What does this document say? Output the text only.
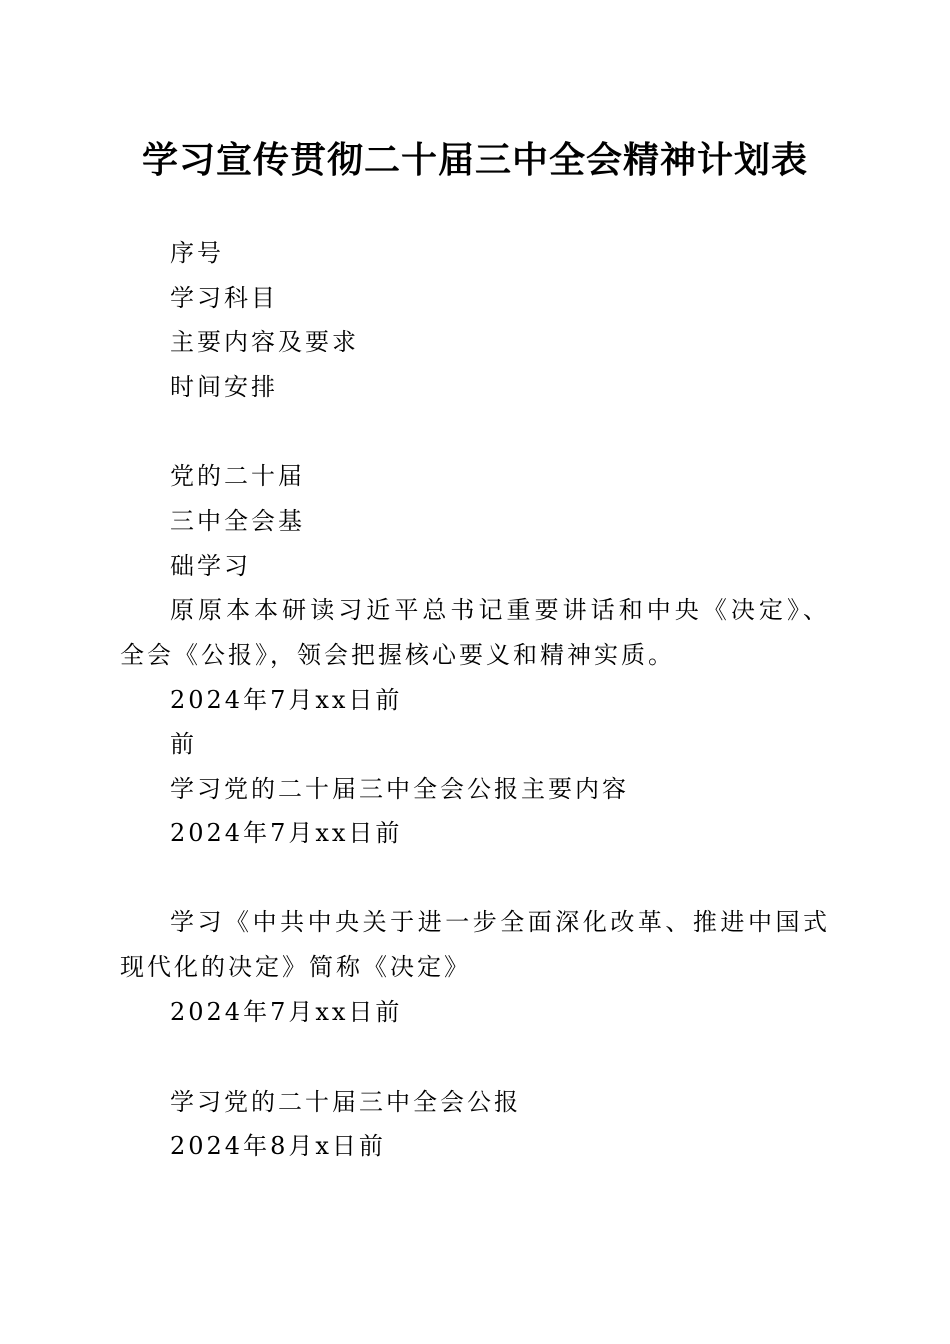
学习宣传贯彻二十届三中全会精神计划表
序号
学习科目
主要内容及要求
时间安排
党的二十届
三中全会基
础学习
原原本本研读习近平总书记重要讲话和中央《决定》、全会《公报》，领会把握核心要义和精神实质。
2024年7月xx日前
前
学习党的二十届三中全会公报主要内容
2024年7月xx日前
学习《中共中央关于进一步全面深化改革、推进中国式现代化的决定》简称《决定》
2024年7月xx日前
学习党的二十届三中全会公报
2024年8月x日前
